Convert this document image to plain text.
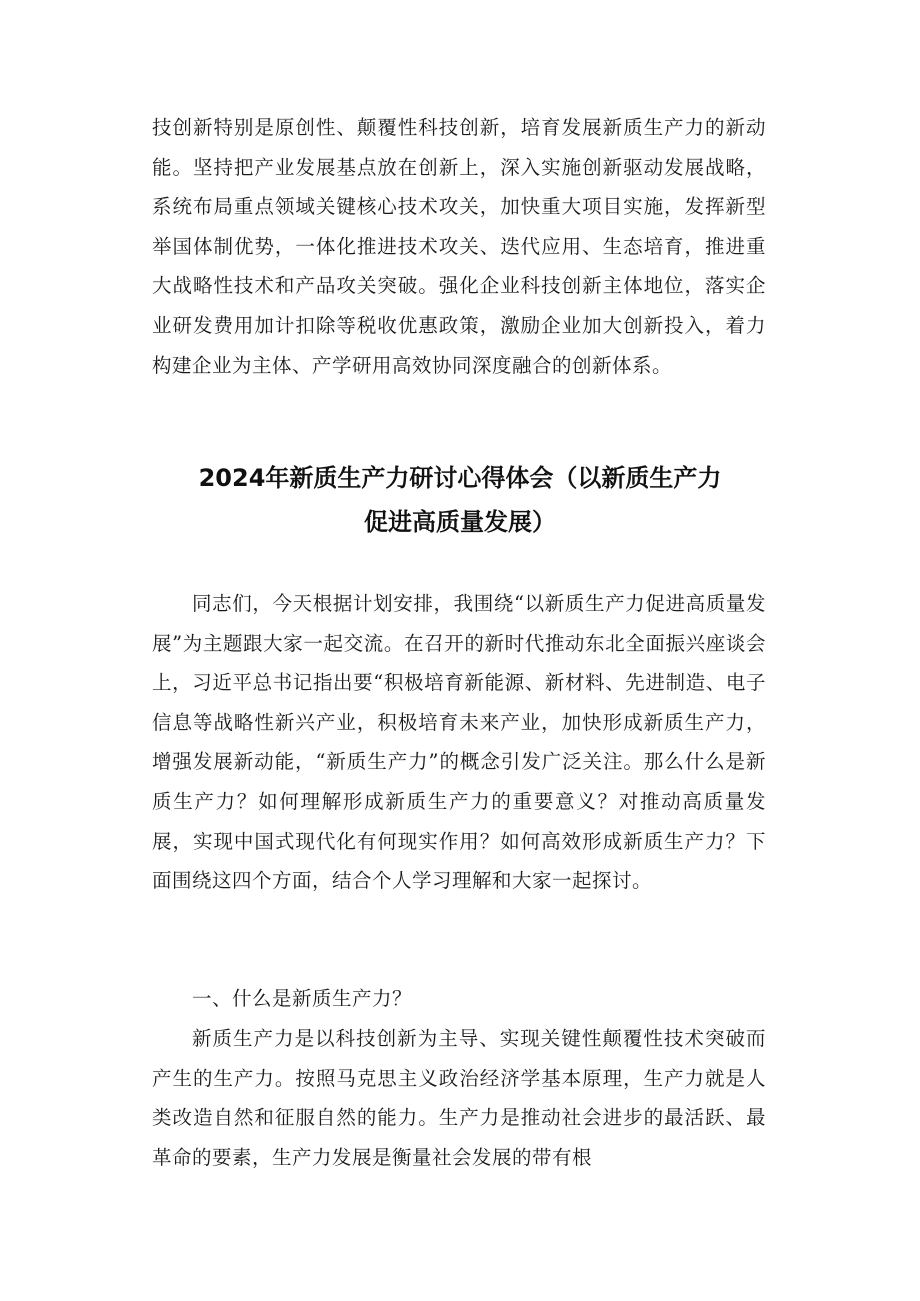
技创新特别是原创性、颠覆性科技创新，培育发展新质生产力的新动能。坚持把产业发展基点放在创新上，深入实施创新驱动发展战略，系统布局重点领域关键核心技术攻关，加快重大项目实施，发挥新型举国体制优势，一体化推进技术攻关、迭代应用、生态培育，推进重大战略性技术和产品攻关突破。强化企业科技创新主体地位，落实企业研发费用加计扣除等税收优惠政策，激励企业加大创新投入，着力构建企业为主体、产学研用高效协同深度融合的创新体系。

2024年新质生产力研讨心得体会（以新质生产力
促进高质量发展）

同志们，今天根据计划安排，我围绕“以新质生产力促进高质量发展”为主题跟大家一起交流。在召开的新时代推动东北全面振兴座谈会上，习近平总书记指出要“积极培育新能源、新材料、先进制造、电子信息等战略性新兴产业，积极培育未来产业，加快形成新质生产力，增强发展新动能，“新质生产力”的概念引发广泛关注。那么什么是新质生产力？如何理解形成新质生产力的重要意义？对推动高质量发展，实现中国式现代化有何现实作用？如何高效形成新质生产力？下面围绕这四个方面，结合个人学习理解和大家一起探讨。

一、什么是新质生产力？

新质生产力是以科技创新为主导、实现关键性颠覆性技术突破而产生的生产力。按照马克思主义政治经济学基本原理，生产力就是人类改造自然和征服自然的能力。生产力是推动社会进步的最活跃、最革命的要素，生产力发展是衡量社会发展的带有根
